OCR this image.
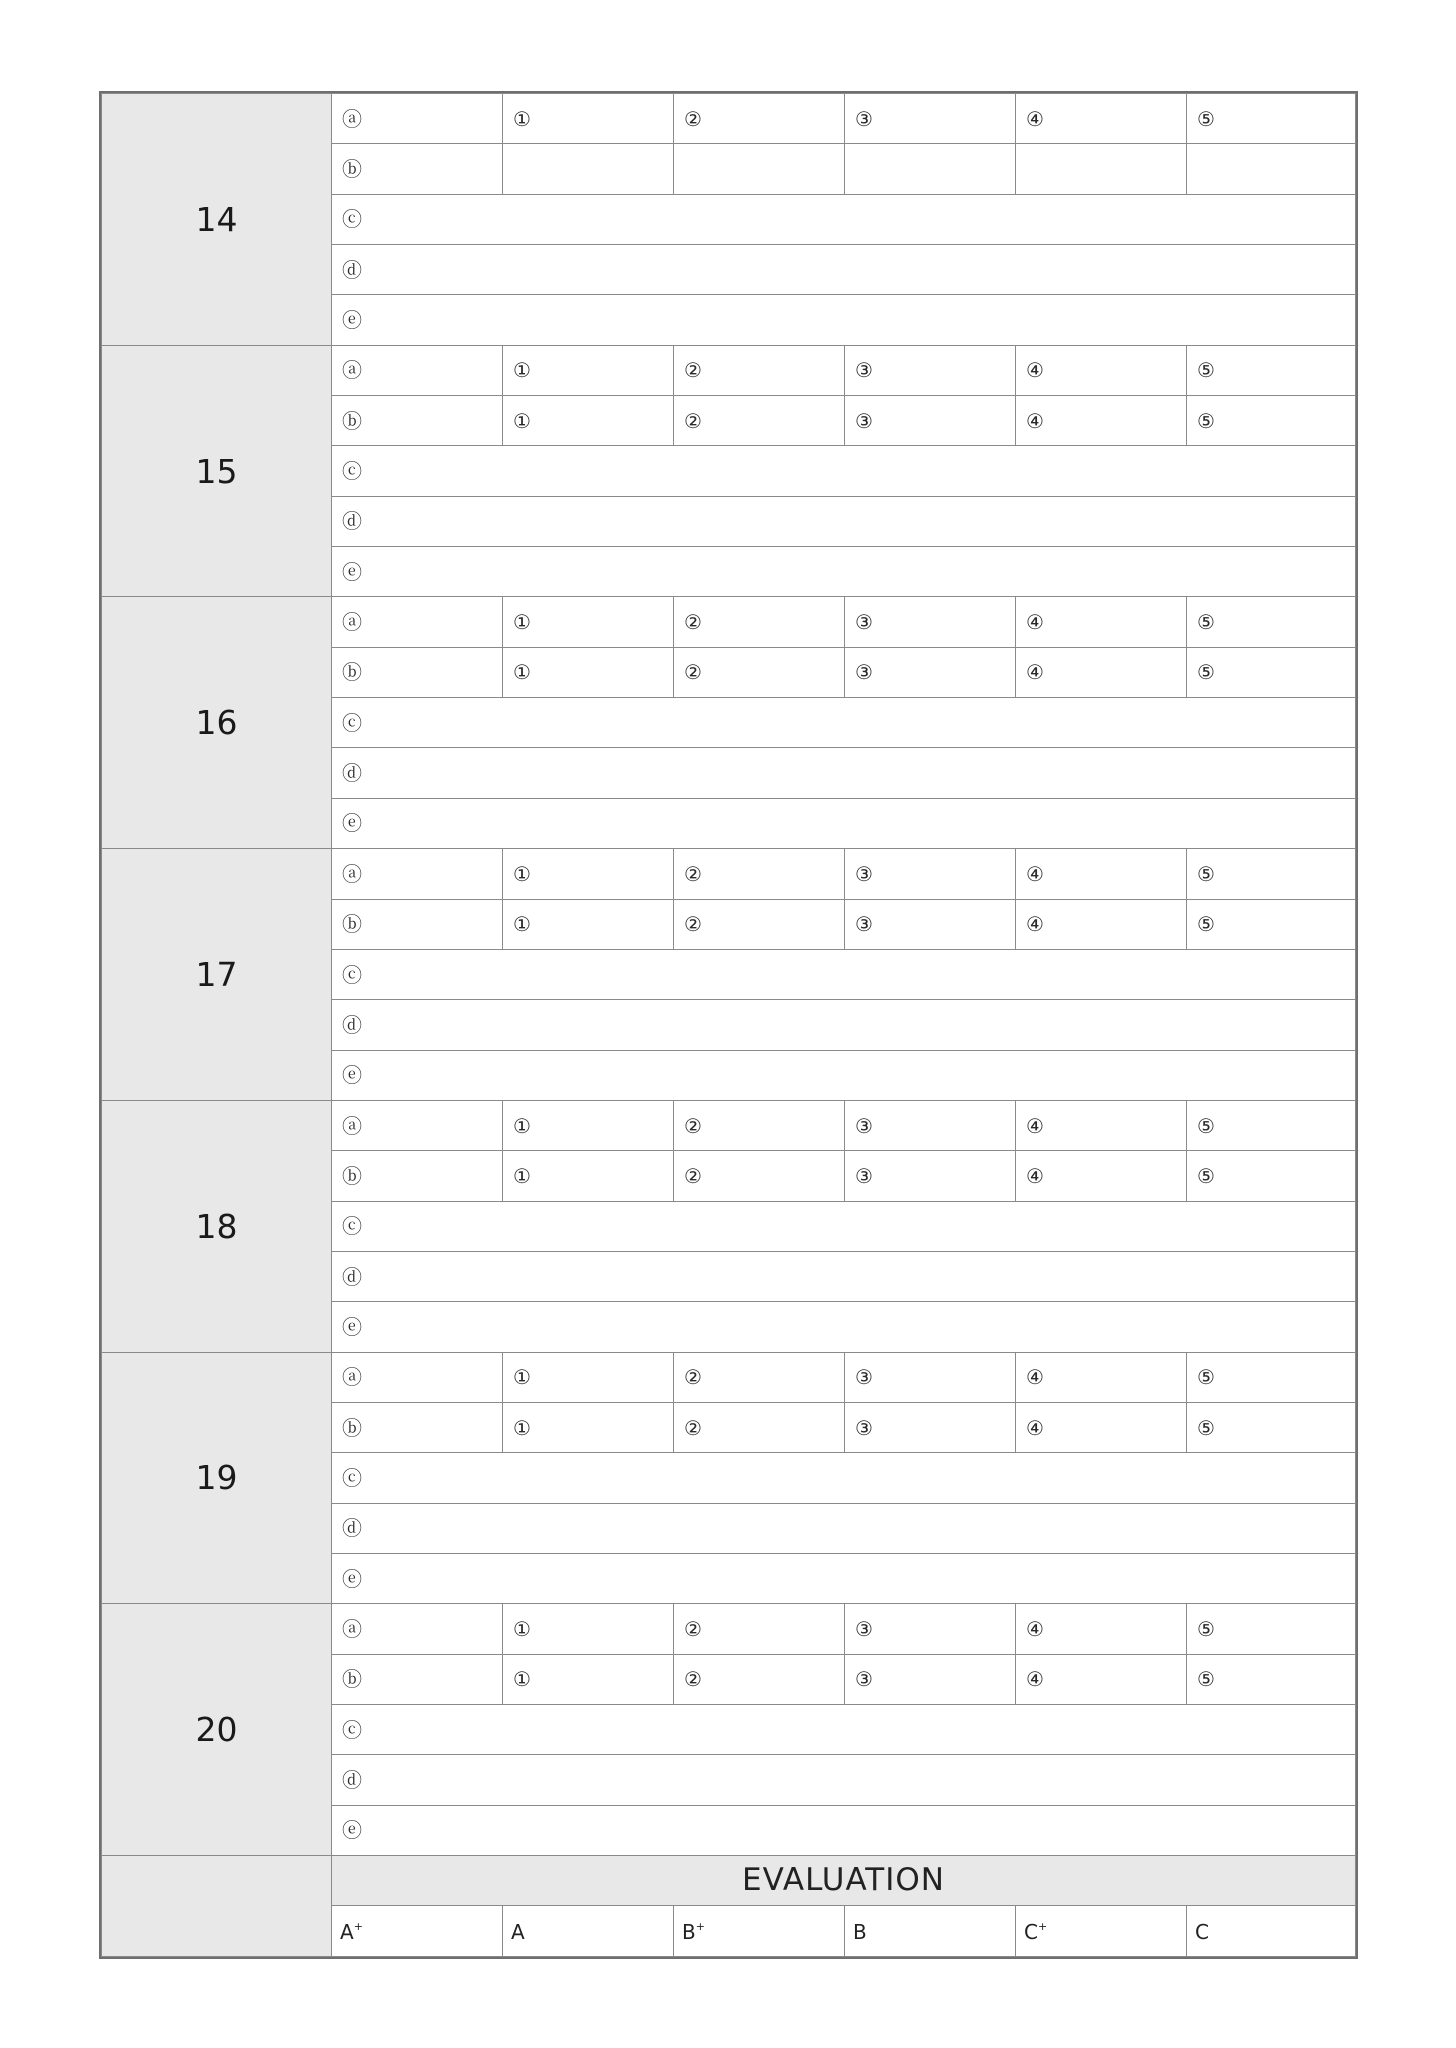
14	ⓐ	①	②	③	④	⑤
	ⓑ					
	ⓒ					
	ⓓ					
	ⓔ					
15	ⓐ	①	②	③	④	⑤
	ⓑ	①	②	③	④	⑤
	ⓒ					
	ⓓ					
	ⓔ					
16	ⓐ	①	②	③	④	⑤
	ⓑ	①	②	③	④	⑤
	ⓒ					
	ⓓ					
	ⓔ					
17	ⓐ	①	②	③	④	⑤
	ⓑ	①	②	③	④	⑤
	ⓒ					
	ⓓ					
	ⓔ					
18	ⓐ	①	②	③	④	⑤
	ⓑ	①	②	③	④	⑤
	ⓒ					
	ⓓ					
	ⓔ					
19	ⓐ	①	②	③	④	⑤
	ⓑ	①	②	③	④	⑤
	ⓒ					
	ⓓ					
	ⓔ					
20	ⓐ	①	②	③	④	⑤
	ⓑ	①	②	③	④	⑤
	ⓒ					
	ⓓ					
	ⓔ					
	EVALUATION					
	A+	A	B+	B	C+	C
